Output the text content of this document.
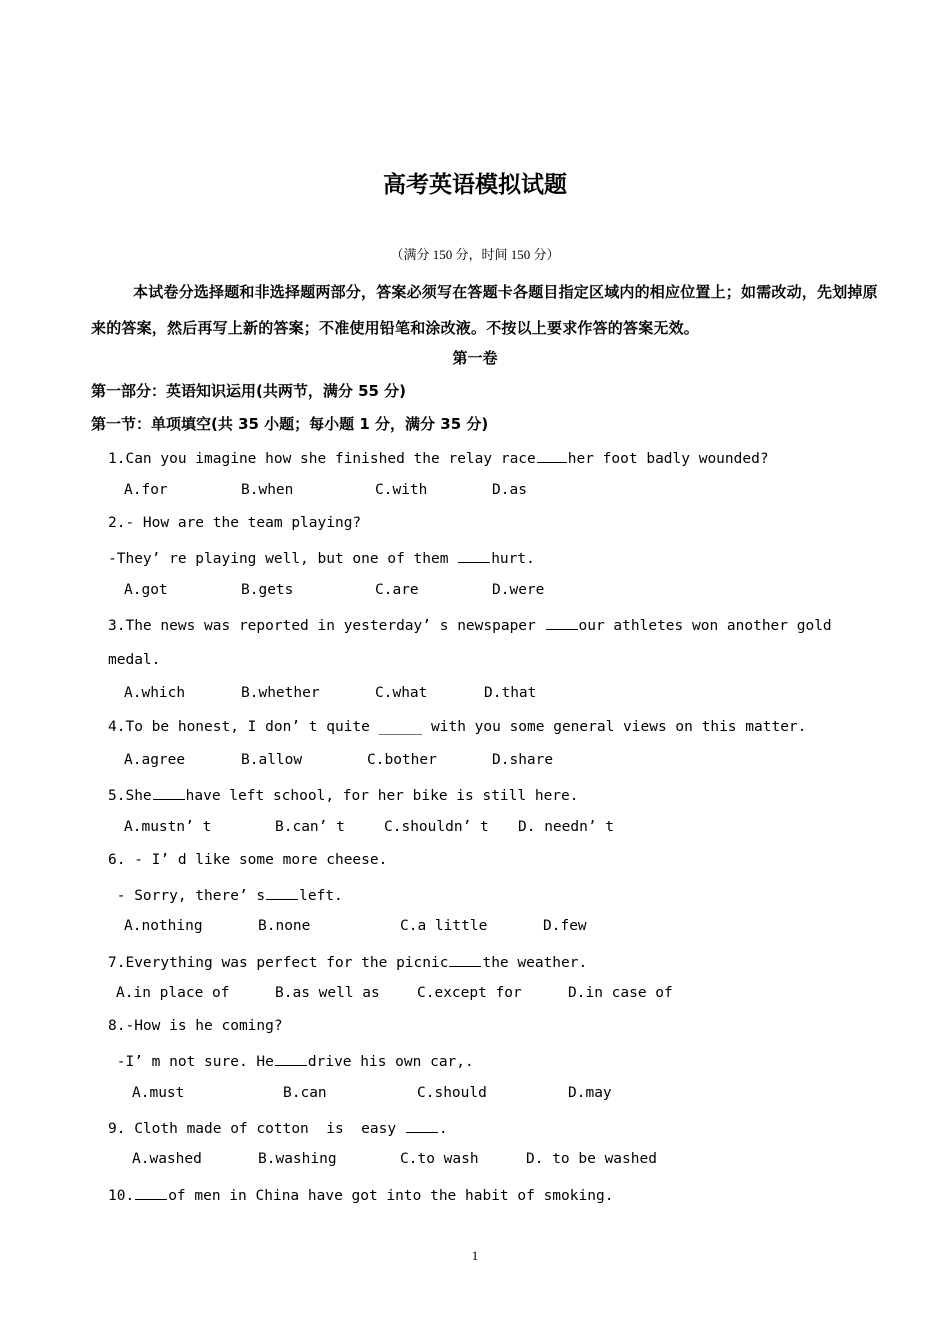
高考英语模拟试题
（满分 150 分，时间 150 分）
本试卷分选择题和非选择题两部分，答案必须写在答题卡各题目指定区域内的相应位置上；如需改动，先划掉原来的答案，然后再写上新的答案；不准使用铅笔和涂改液。不按以上要求作答的答案无效。
第一卷
第一部分：英语知识运用(共两节，满分 55 分)
第一节：单项填空(共 35 小题；每小题 1 分，满分 35 分)
1.Can you imagine how she finished the relay race her foot badly wounded?
A.for	B.when	C.with	D.as
2.- How are the team playing?
-They’ re playing well, but one of them hurt.
A.got	B.gets	C.are	D.were
3.The news was reported in yesterday’ s newspaper our athletes won another gold
medal.
A.which	B.whether	C.what	D.that
4.To be honest, I don’ t quite _____ with you some general views on this matter.
A.agree	B.allow	C.bother	D.share
5.She have left school, for her bike is still here.
A.mustn’ t	B.can’ t	C.shouldn’ t D. needn’ t
6. - I’ d like some more cheese.
- Sorry, there’ s left.
A.nothing	B.none	C.a little	D.few
7.Everything was perfect for the picnic the weather.
A.in place of	B.as well as	C.except for	D.in case of
8.-How is he coming?
-I’ m not sure. He drive his own car,.
A.must	B.can	C.should	D.may
9. Cloth made of cotton  is  easy .
A.washed	B.washing	C.to wash	D. to be washed
10. of men in China have got into the habit of smoking.
1
